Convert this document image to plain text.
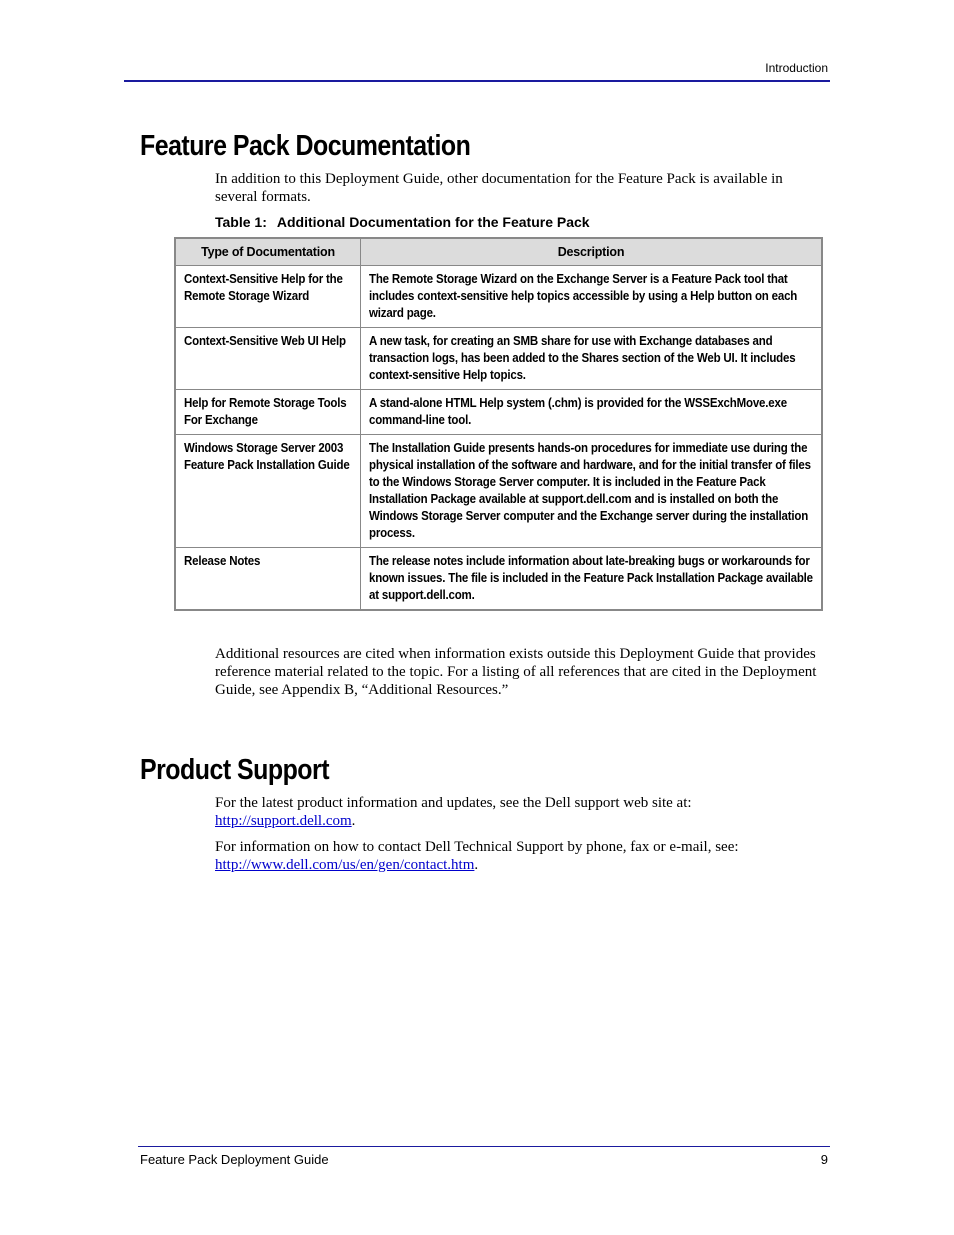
Introduction
Feature Pack Documentation

In addition to this Deployment Guide, other documentation for the Feature Pack is available in several formats.

Table 1: Additional Documentation for the Feature Pack
Type of Documentation	Description

Context-Sensitive Help for the Remote Storage Wizard	The Remote Storage Wizard on the Exchange Server is a Feature Pack tool that includes context-sensitive help topics accessible by using a Help button on each wizard page.

Context-Sensitive Web UI Help	A new task, for creating an SMB share for use with Exchange databases and transaction logs, has been added to the Shares section of the Web UI. It includes context-sensitive Help topics.

Help for Remote Storage Tools For Exchange	A stand-alone HTML Help system (.chm) is provided for the WSSExchMove.exe command-line tool.

Windows Storage Server 2003 Feature Pack Installation Guide	The Installation Guide presents hands-on procedures for immediate use during the physical installation of the software and hardware, and for the initial transfer of files to the Windows Storage Server computer. It is included in the Feature Pack Installation Package available at support.dell.com and is installed on both the Windows Storage Server computer and the Exchange server during the installation process.

Release Notes	The release notes include information about late-breaking bugs or workarounds for known issues. The file is included in the Feature Pack Installation Package available at support.dell.com.

Additional resources are cited when information exists outside this Deployment Guide that provides reference material related to the topic. For a listing of all references that are cited in the Deployment Guide, see Appendix B, “Additional Resources.”

Product Support

For the latest product information and updates, see the Dell support web site at:
http://support.dell.com.

For information on how to contact Dell Technical Support by phone, fax or e-mail, see:
http://www.dell.com/us/en/gen/contact.htm.

Feature Pack Deployment Guide	9
